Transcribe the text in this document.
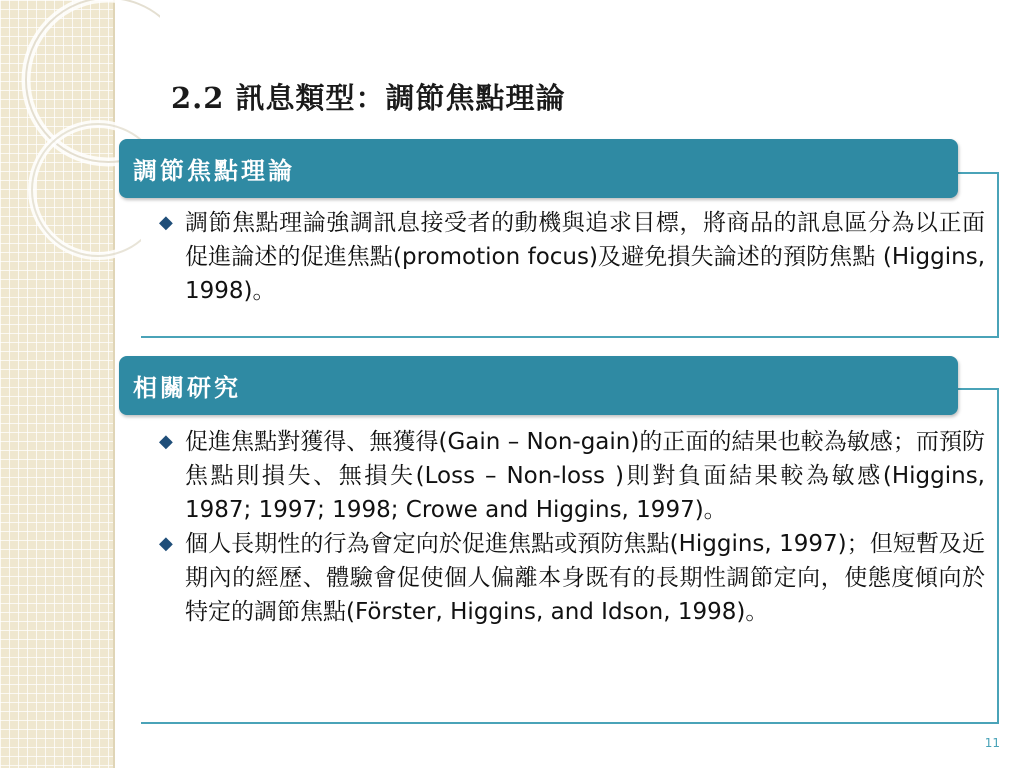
2.2 訊息類型：調節焦點理論
調節焦點理論
◆ 調節焦點理論強調訊息接受者的動機與追求目標，將商品的訊息區分為以正面促進論述的促進焦點(promotion focus)及避免損失論述的預防焦點 (Higgins, 1998)。
相關研究
◆ 促進焦點對獲得、無獲得(Gain – Non-gain)的正面的結果也較為敏感；而預防焦點則損失、無損失(Loss – Non-loss )則對負面結果較為敏感(Higgins, 1987; 1997; 1998; Crowe and Higgins, 1997)。
◆ 個人長期性的行為會定向於促進焦點或預防焦點(Higgins, 1997)；但短暫及近期內的經歷、體驗會促使個人偏離本身既有的長期性調節定向，使態度傾向於特定的調節焦點(Förster, Higgins, and Idson, 1998)。
11
